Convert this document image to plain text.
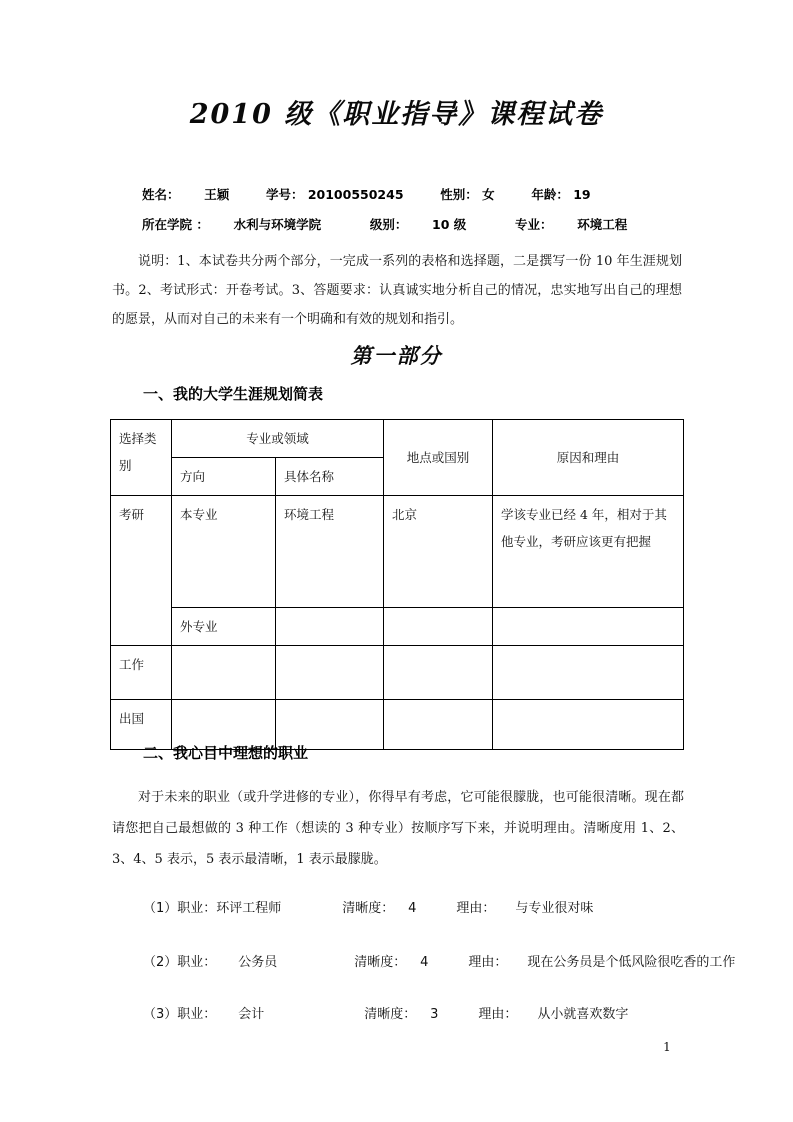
2010 级《职业指导》课程试卷
姓名： 王颖	学号： 20100550245	性别： 女	年龄： 19
所在学院 ： 水利与环境学院	级别： 10 级	专业： 环境工程
说明：1、本试卷共分两个部分，一完成一系列的表格和选择题，二是撰写一份 10 年生涯规划书。2、考试形式：开卷考试。3、答题要求：认真诚实地分析自己的情况，忠实地写出自己的理想的愿景，从而对自己的未来有一个明确和有效的规划和指引。
第一部分
一、我的大学生涯规划简表
选择类别	专业或领域		地点或国别	原因和理由
	方向	具体名称		
考研	本专业	环境工程	北京	学该专业已经 4 年，相对于其他专业，考研应该更有把握
	外专业			
工作				
出国				
二、我心目中理想的职业
对于未来的职业（或升学进修的专业），你得早有考虑，它可能很朦胧，也可能很清晰。现在都请您把自己最想做的 3 种工作（想读的 3 种专业）按顺序写下来，并说明理由。清晰度用 1、2、3、4、5 表示，5 表示最清晰，1 表示最朦胧。
（1）职业：环评工程师	清晰度： 4	理由： 与专业很对味
（2）职业： 公务员	清晰度： 4	理由： 现在公务员是个低风险很吃香的工作
（3）职业： 会计	清晰度： 3	理由： 从小就喜欢数字
1
